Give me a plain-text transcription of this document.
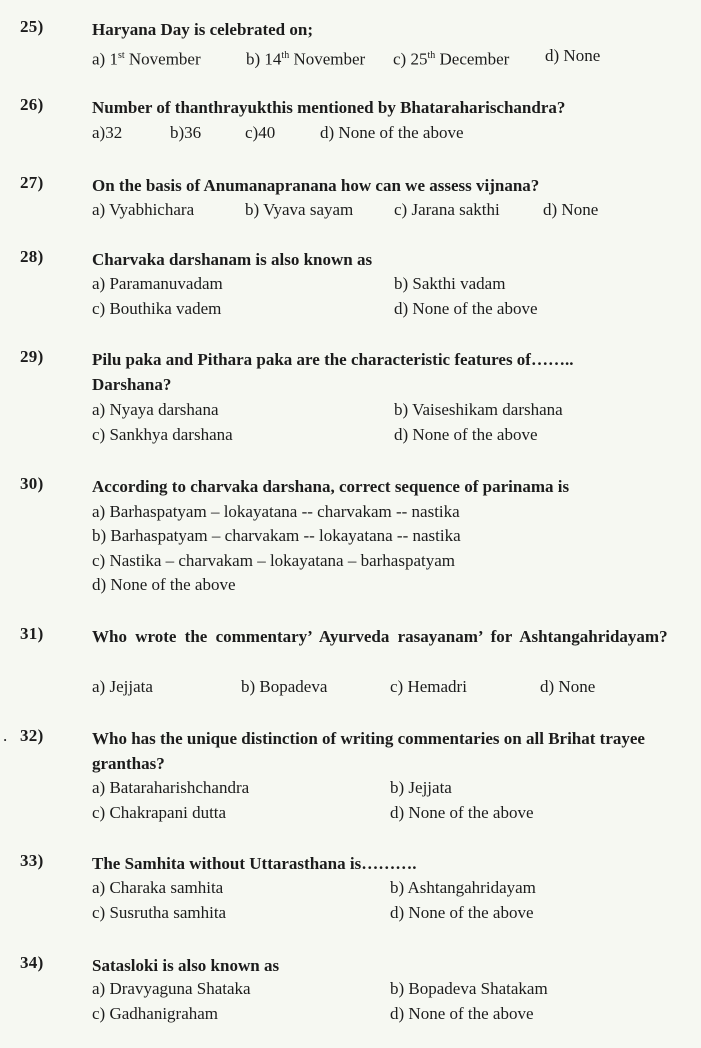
25)	Haryana Day is celebrated on;
a) 1st November	b) 14th November c) 25th December d) None
26)	Number of thanthrayukthis mentioned by Bhataraharischandra?
a)32	b)36	c)40	d) None of the above
27)	On the basis of Anumanapranana how can we assess vijnana?
a) Vyabhichara	b) Vyava sayam c) Jarana sakthi	d) None
28)	Charvaka darshanam is also known as
a) Paramanuvadam	b) Sakthi vadam
c) Bouthika vadem	d) None of the above
29)	Pilu paka and Pithara paka are the characteristic features of……..
Darshana?
a) Nyaya darshana	b) Vaiseshikam darshana
c) Sankhya darshana	d) None of the above
30)	According to charvaka darshana, correct sequence of parinama is
a) Barhaspatyam – lokayatana -- charvakam -- nastika
b) Barhaspatyam – charvakam -- lokayatana -- nastika
c) Nastika – charvakam – lokayatana – barhaspatyam
d) None of the above
31)	Who wrote the commentary’ Ayurveda rasayanam’ for Ashtangahridayam?
a) Jejjata	b) Bopadeva	c) Hemadri	d) None
. 32)	Who has the unique distinction of writing commentaries on all Brihat trayee granthas?
a) Bataraharishchandra	b) Jejjata
c) Chakrapani dutta	d) None of the above
33)	The Samhita without Uttarasthana is……….
a) Charaka samhita	b) Ashtangahridayam
c) Susrutha samhita	d) None of the above
34)	Satasloki is also known as
a) Dravyaguna Shataka	b) Bopadeva Shatakam
c) Gadhanigraham	d) None of the above
